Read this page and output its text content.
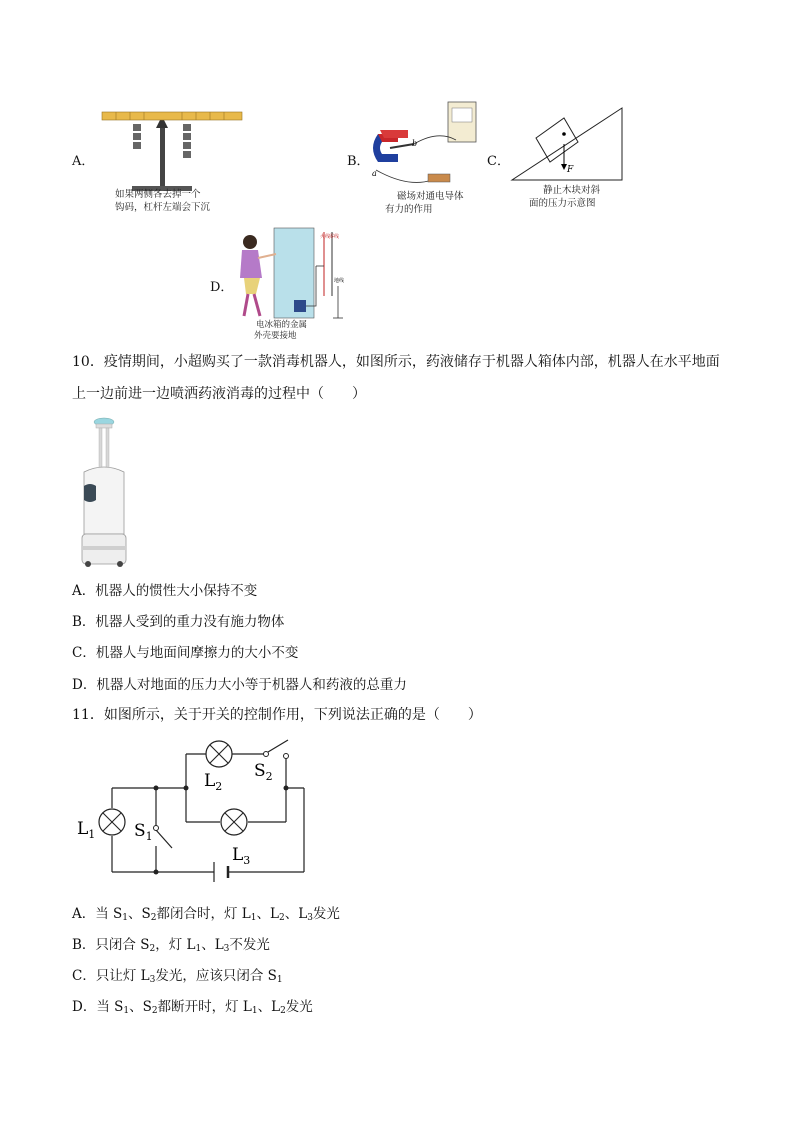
A．
如果两侧各去掉一个
钩码，杠杆左端会下沉
B．
b
a
磁场对通电导体
有力的作用
C．
F
静止木块对斜
面的压力示意图
D．
火线
零线
地线
电冰箱的金属
外壳要接地
10．疫情期间，小超购买了一款消毒机器人，如图所示，药液储存于机器人箱体内部，机器人在水平地面
上一边前进一边喷洒药液消毒的过程中（　　）
A．机器人的惯性大小保持不变
B．机器人受到的重力没有施力物体
C．机器人与地面间摩擦力的大小不变
D．机器人对地面的压力大小等于机器人和药液的总重力
11．如图所示，关于开关的控制作用，下列说法正确的是（　　）
$L_1$
$L_2$
$L_3$
$S_1$
$S_2$
A．当 $S_1$、$S_2$都闭合时，灯 $L_1$、$L_2$、$L_3$发光
B．只闭合 $S_2$，灯 $L_1$、$L_3$不发光
C．只让灯 $L_3$发光，应该只闭合 $S_1$
D．当 $S_1$、$S_2$都断开时，灯 $L_1$、$L_2$发光
